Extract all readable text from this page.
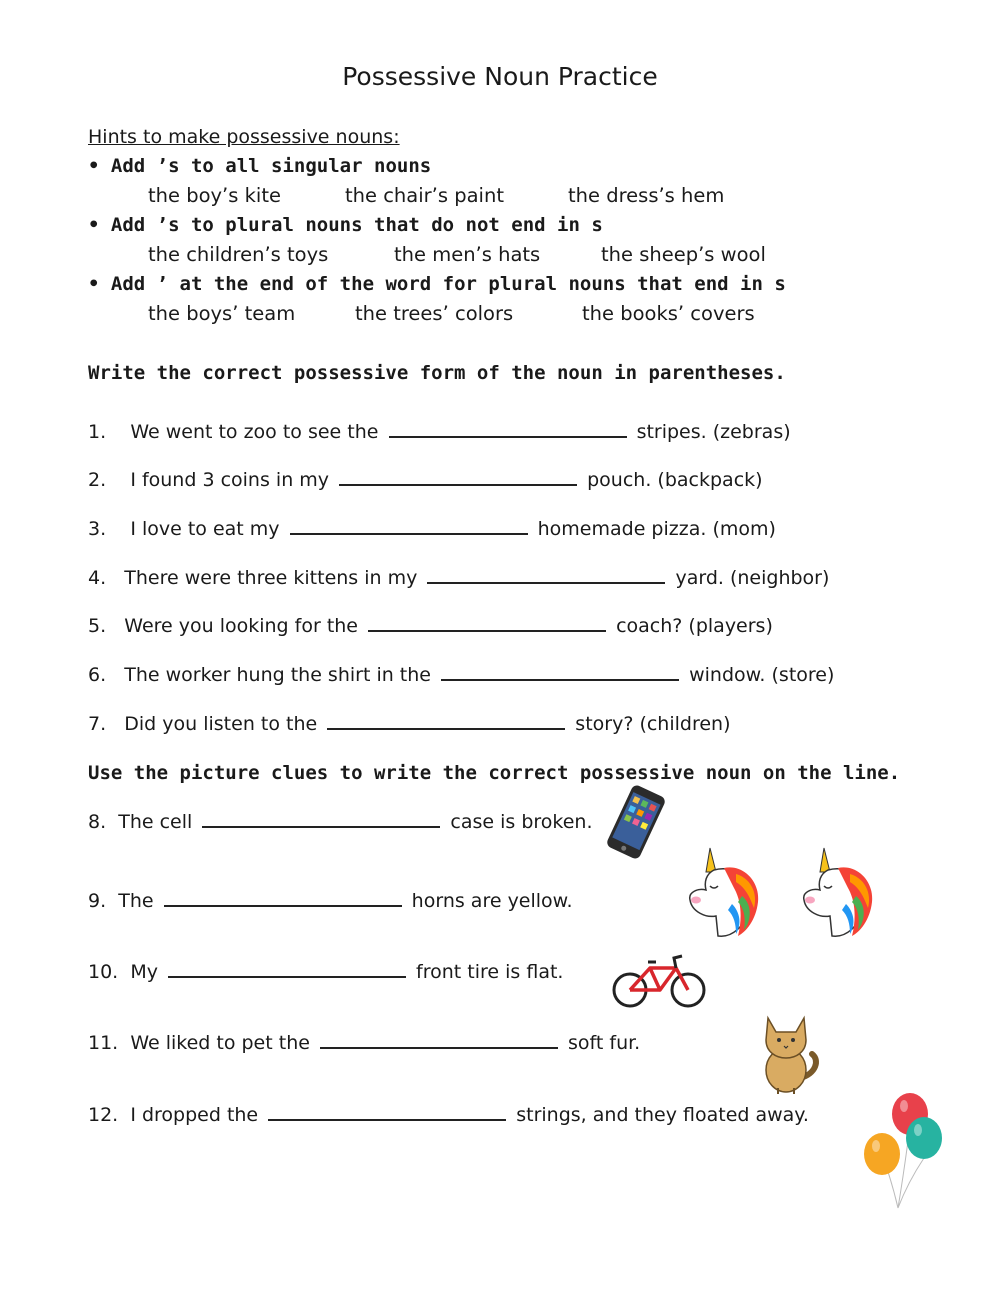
Possessive Noun Practice
Hints to make possessive nouns:
• Add ’s to all singular nouns
the boy’s kite	the chair’s paint	the dress’s hem
• Add ’s to plural nouns that do not end in s
the children’s toys	the men’s hats	the sheep’s wool
• Add ’ at the end of the word for plural nouns that end in s
the boys’ team	the trees’ colors	the books’ covers
Write the correct possessive form of the noun in parentheses.
1. We went to zoo to see the	stripes. (zebras)
2. I found 3 coins in my	pouch. (backpack)
3. I love to eat my	homemade pizza. (mom)
4. There were three kittens in my	yard. (neighbor)
5. Were you looking for the	coach? (players)
6. The worker hung the shirt in the	window. (store)
7. Did you listen to the	story? (children)
Use the picture clues to write the correct possessive noun on the line.
8. The cell	case is broken.
9. The	horns are yellow.
10. My	front tire is flat.
11. We liked to pet the	soft fur.
12. I dropped the	strings, and they floated away.
